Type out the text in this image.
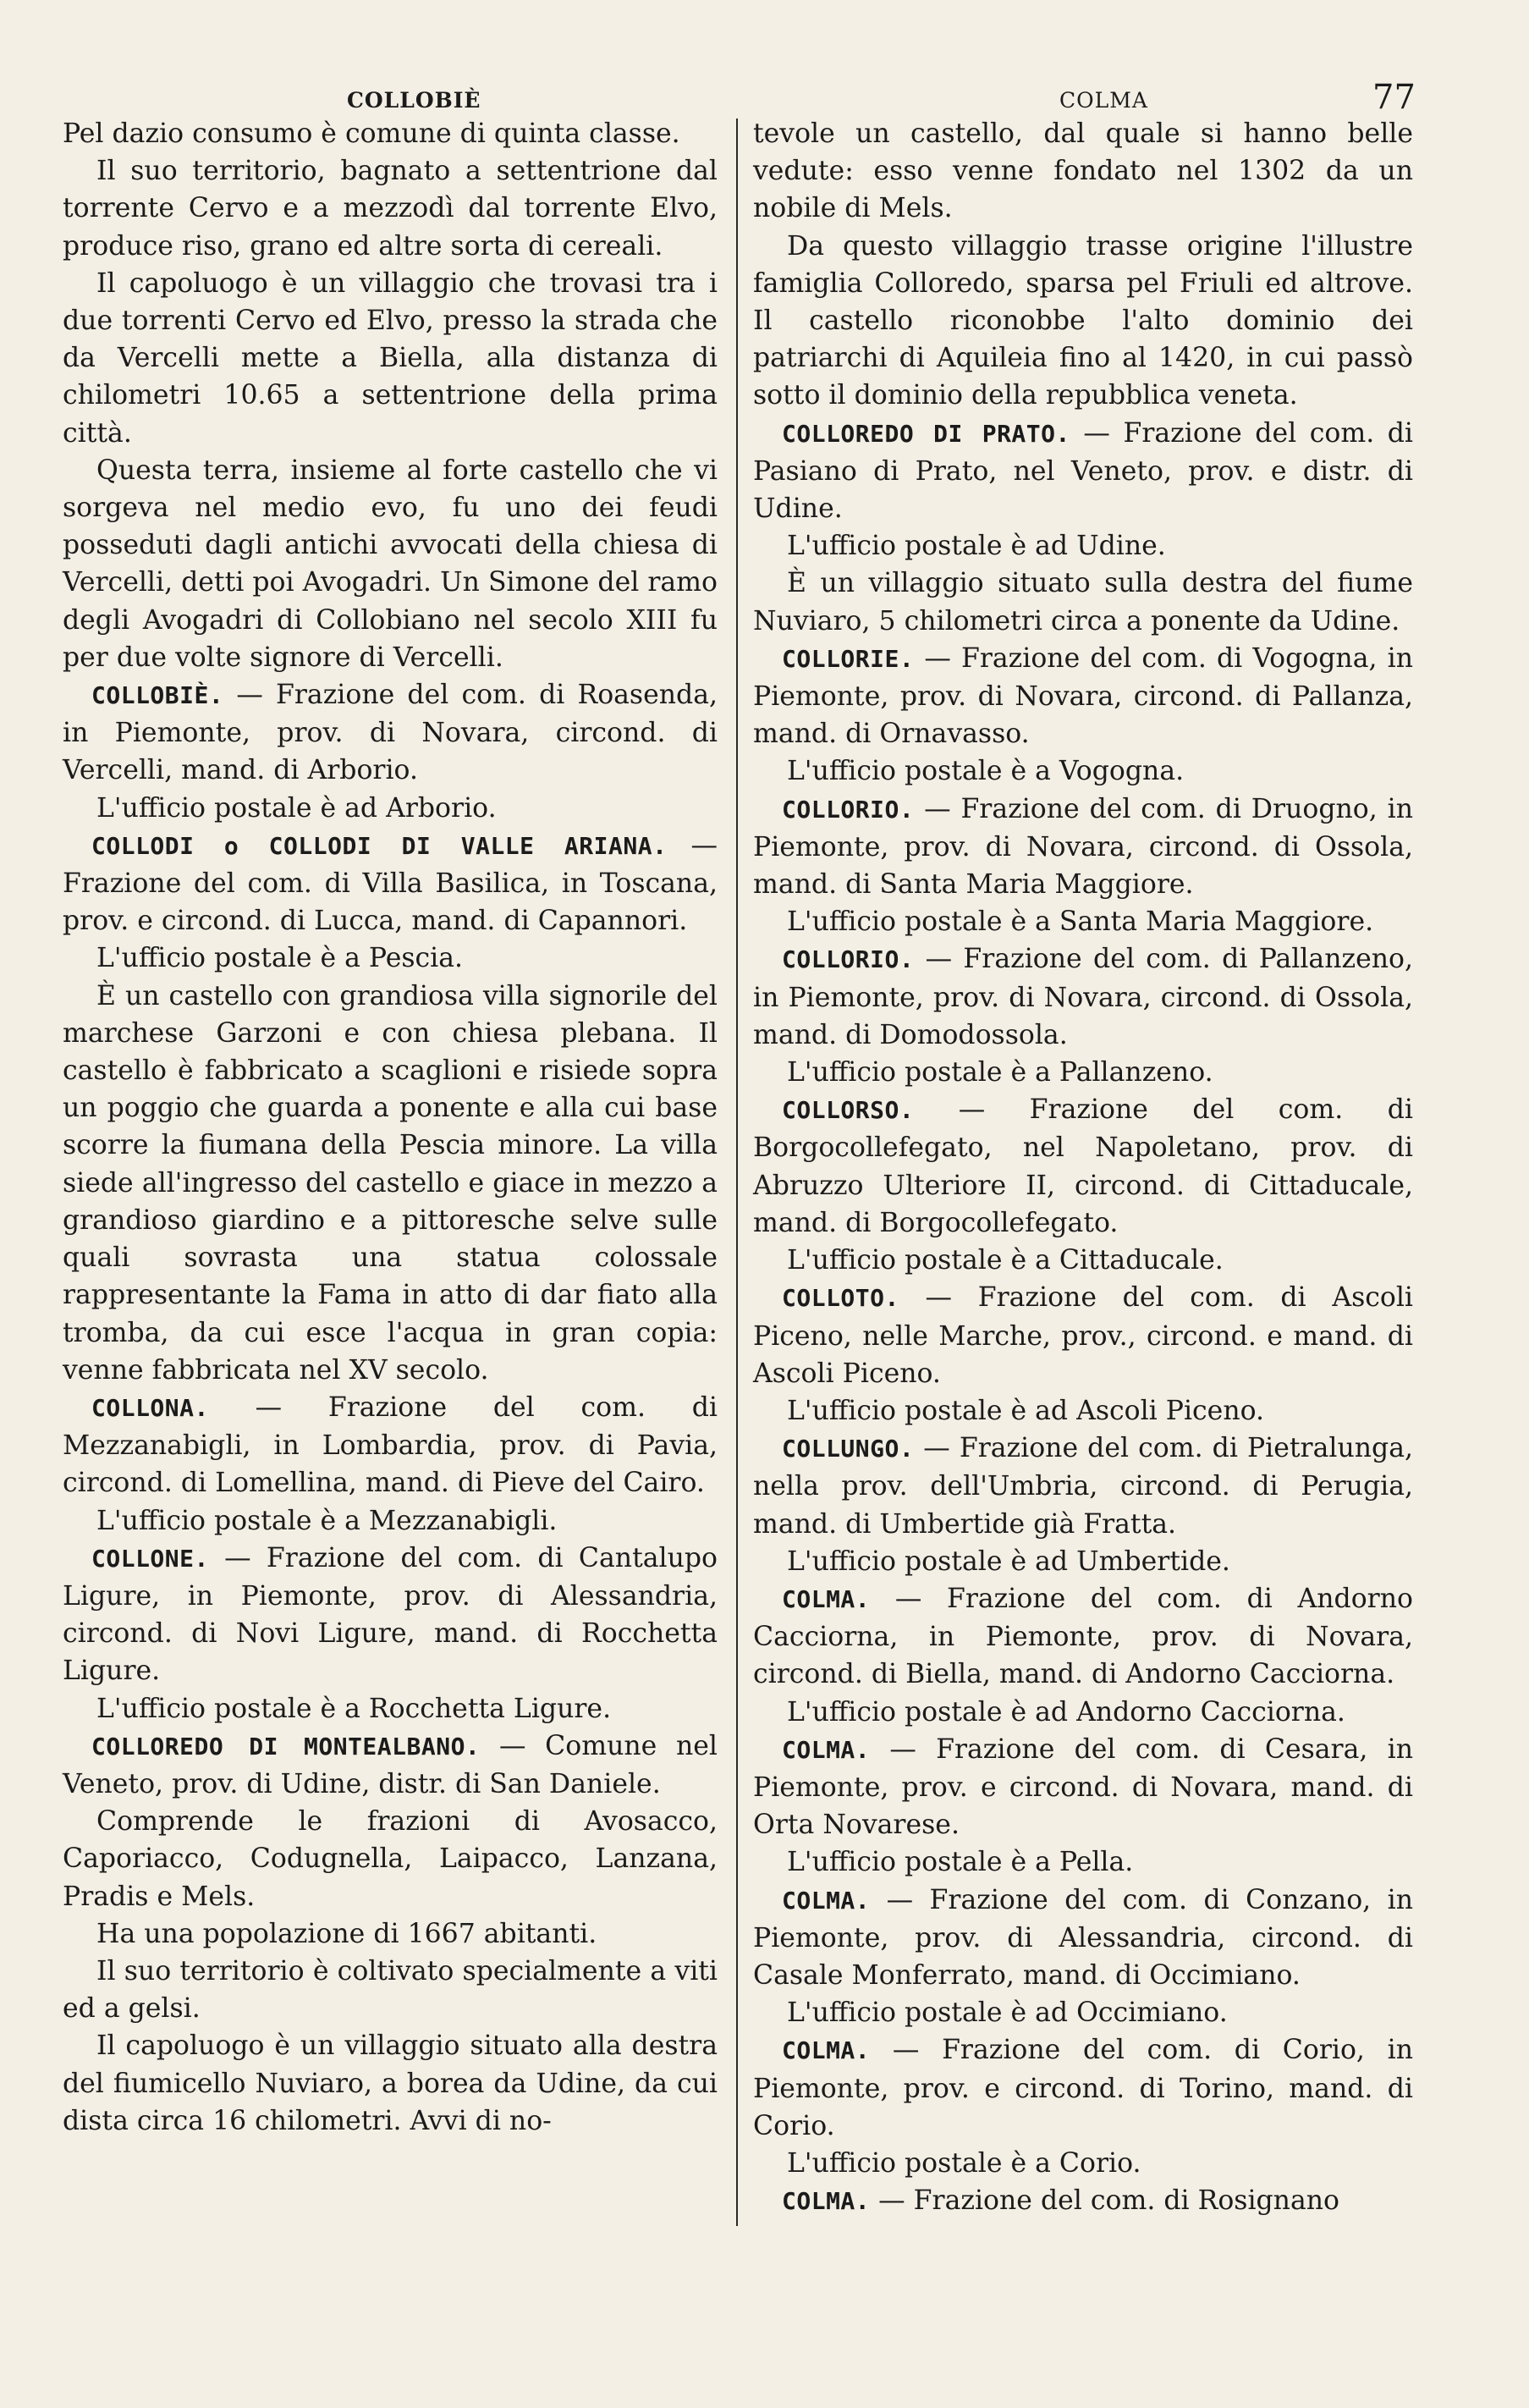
COLLOBIÈ	COLMA	77

Pel dazio consumo è comune di quinta classe.

Il suo territorio, bagnato a settentrione dal torrente Cervo e a mezzodì dal torrente Elvo, produce riso, grano ed altre sorta di cereali.

Il capoluogo è un villaggio che trovasi tra i due torrenti Cervo ed Elvo, presso la strada che da Vercelli mette a Biella, alla distanza di chilometri 10.65 a settentrione della prima città.

Questa terra, insieme al forte castello che vi sorgeva nel medio evo, fu uno dei feudi posseduti dagli antichi avvocati della chiesa di Vercelli, detti poi Avogadri. Un Simone del ramo degli Avogadri di Collobiano nel secolo XIII fu per due volte signore di Vercelli.

COLLOBIÈ. — Frazione del com. di Roasenda, in Piemonte, prov. di Novara, circond. di Vercelli, mand. di Arborio.

L'ufficio postale è ad Arborio.

COLLODI o COLLODI DI VALLE ARIANA. — Frazione del com. di Villa Basilica, in Toscana, prov. e circond. di Lucca, mand. di Capannori.

L'ufficio postale è a Pescia.

È un castello con grandiosa villa signorile del marchese Garzoni e con chiesa plebana. Il castello è fabbricato a scaglioni e risiede sopra un poggio che guarda a ponente e alla cui base scorre la fiumana della Pescia minore. La villa siede all'ingresso del castello e giace in mezzo a grandioso giardino e a pittoresche selve sulle quali sovrasta una statua colossale rappresentante la Fama in atto di dar fiato alla tromba, da cui esce l'acqua in gran copia: venne fabbricata nel XV secolo.

COLLONA. — Frazione del com. di Mezzanabigli, in Lombardia, prov. di Pavia, circond. di Lomellina, mand. di Pieve del Cairo.

L'ufficio postale è a Mezzanabigli.

COLLONE. — Frazione del com. di Cantalupo Ligure, in Piemonte, prov. di Alessandria, circond. di Novi Ligure, mand. di Rocchetta Ligure.

L'ufficio postale è a Rocchetta Ligure.

COLLOREDO DI MONTEALBANO. — Comune nel Veneto, prov. di Udine, distr. di San Daniele.

Comprende le frazioni di Avosacco, Caporiacco, Codugnella, Laipacco, Lanzana, Pradis e Mels.

Ha una popolazione di 1667 abitanti.

Il suo territorio è coltivato specialmente a viti ed a gelsi.

Il capoluogo è un villaggio situato alla destra del fiumicello Nuviaro, a borea da Udine, da cui dista circa 16 chilometri. Avvi di no-

tevole un castello, dal quale si hanno belle vedute: esso venne fondato nel 1302 da un nobile di Mels.

Da questo villaggio trasse origine l'illustre famiglia Colloredo, sparsa pel Friuli ed altrove. Il castello riconobbe l'alto dominio dei patriarchi di Aquileia fino al 1420, in cui passò sotto il dominio della repubblica veneta.

COLLOREDO DI PRATO. — Frazione del com. di Pasiano di Prato, nel Veneto, prov. e distr. di Udine.

L'ufficio postale è ad Udine.

È un villaggio situato sulla destra del fiume Nuviaro, 5 chilometri circa a ponente da Udine.

COLLORIE. — Frazione del com. di Vogogna, in Piemonte, prov. di Novara, circond. di Pallanza, mand. di Ornavasso.

L'ufficio postale è a Vogogna.

COLLORIO. — Frazione del com. di Druogno, in Piemonte, prov. di Novara, circond. di Ossola, mand. di Santa Maria Maggiore.

L'ufficio postale è a Santa Maria Maggiore.

COLLORIO. — Frazione del com. di Pallanzeno, in Piemonte, prov. di Novara, circond. di Ossola, mand. di Domodossola.

L'ufficio postale è a Pallanzeno.

COLLORSO. — Frazione del com. di Borgocollefegato, nel Napoletano, prov. di Abruzzo Ulteriore II, circond. di Cittaducale, mand. di Borgocollefegato.

L'ufficio postale è a Cittaducale.

COLLOTO. — Frazione del com. di Ascoli Piceno, nelle Marche, prov., circond. e mand. di Ascoli Piceno.

L'ufficio postale è ad Ascoli Piceno.

COLLUNGO. — Frazione del com. di Pietralunga, nella prov. dell'Umbria, circond. di Perugia, mand. di Umbertide già Fratta.

L'ufficio postale è ad Umbertide.

COLMA. — Frazione del com. di Andorno Cacciorna, in Piemonte, prov. di Novara, circond. di Biella, mand. di Andorno Cacciorna.

L'ufficio postale è ad Andorno Cacciorna.

COLMA. — Frazione del com. di Cesara, in Piemonte, prov. e circond. di Novara, mand. di Orta Novarese.

L'ufficio postale è a Pella.

COLMA. — Frazione del com. di Conzano, in Piemonte, prov. di Alessandria, circond. di Casale Monferrato, mand. di Occimiano.

L'ufficio postale è ad Occimiano.

COLMA. — Frazione del com. di Corio, in Piemonte, prov. e circond. di Torino, mand. di Corio.

L'ufficio postale è a Corio.

COLMA. — Frazione del com. di Rosignano
